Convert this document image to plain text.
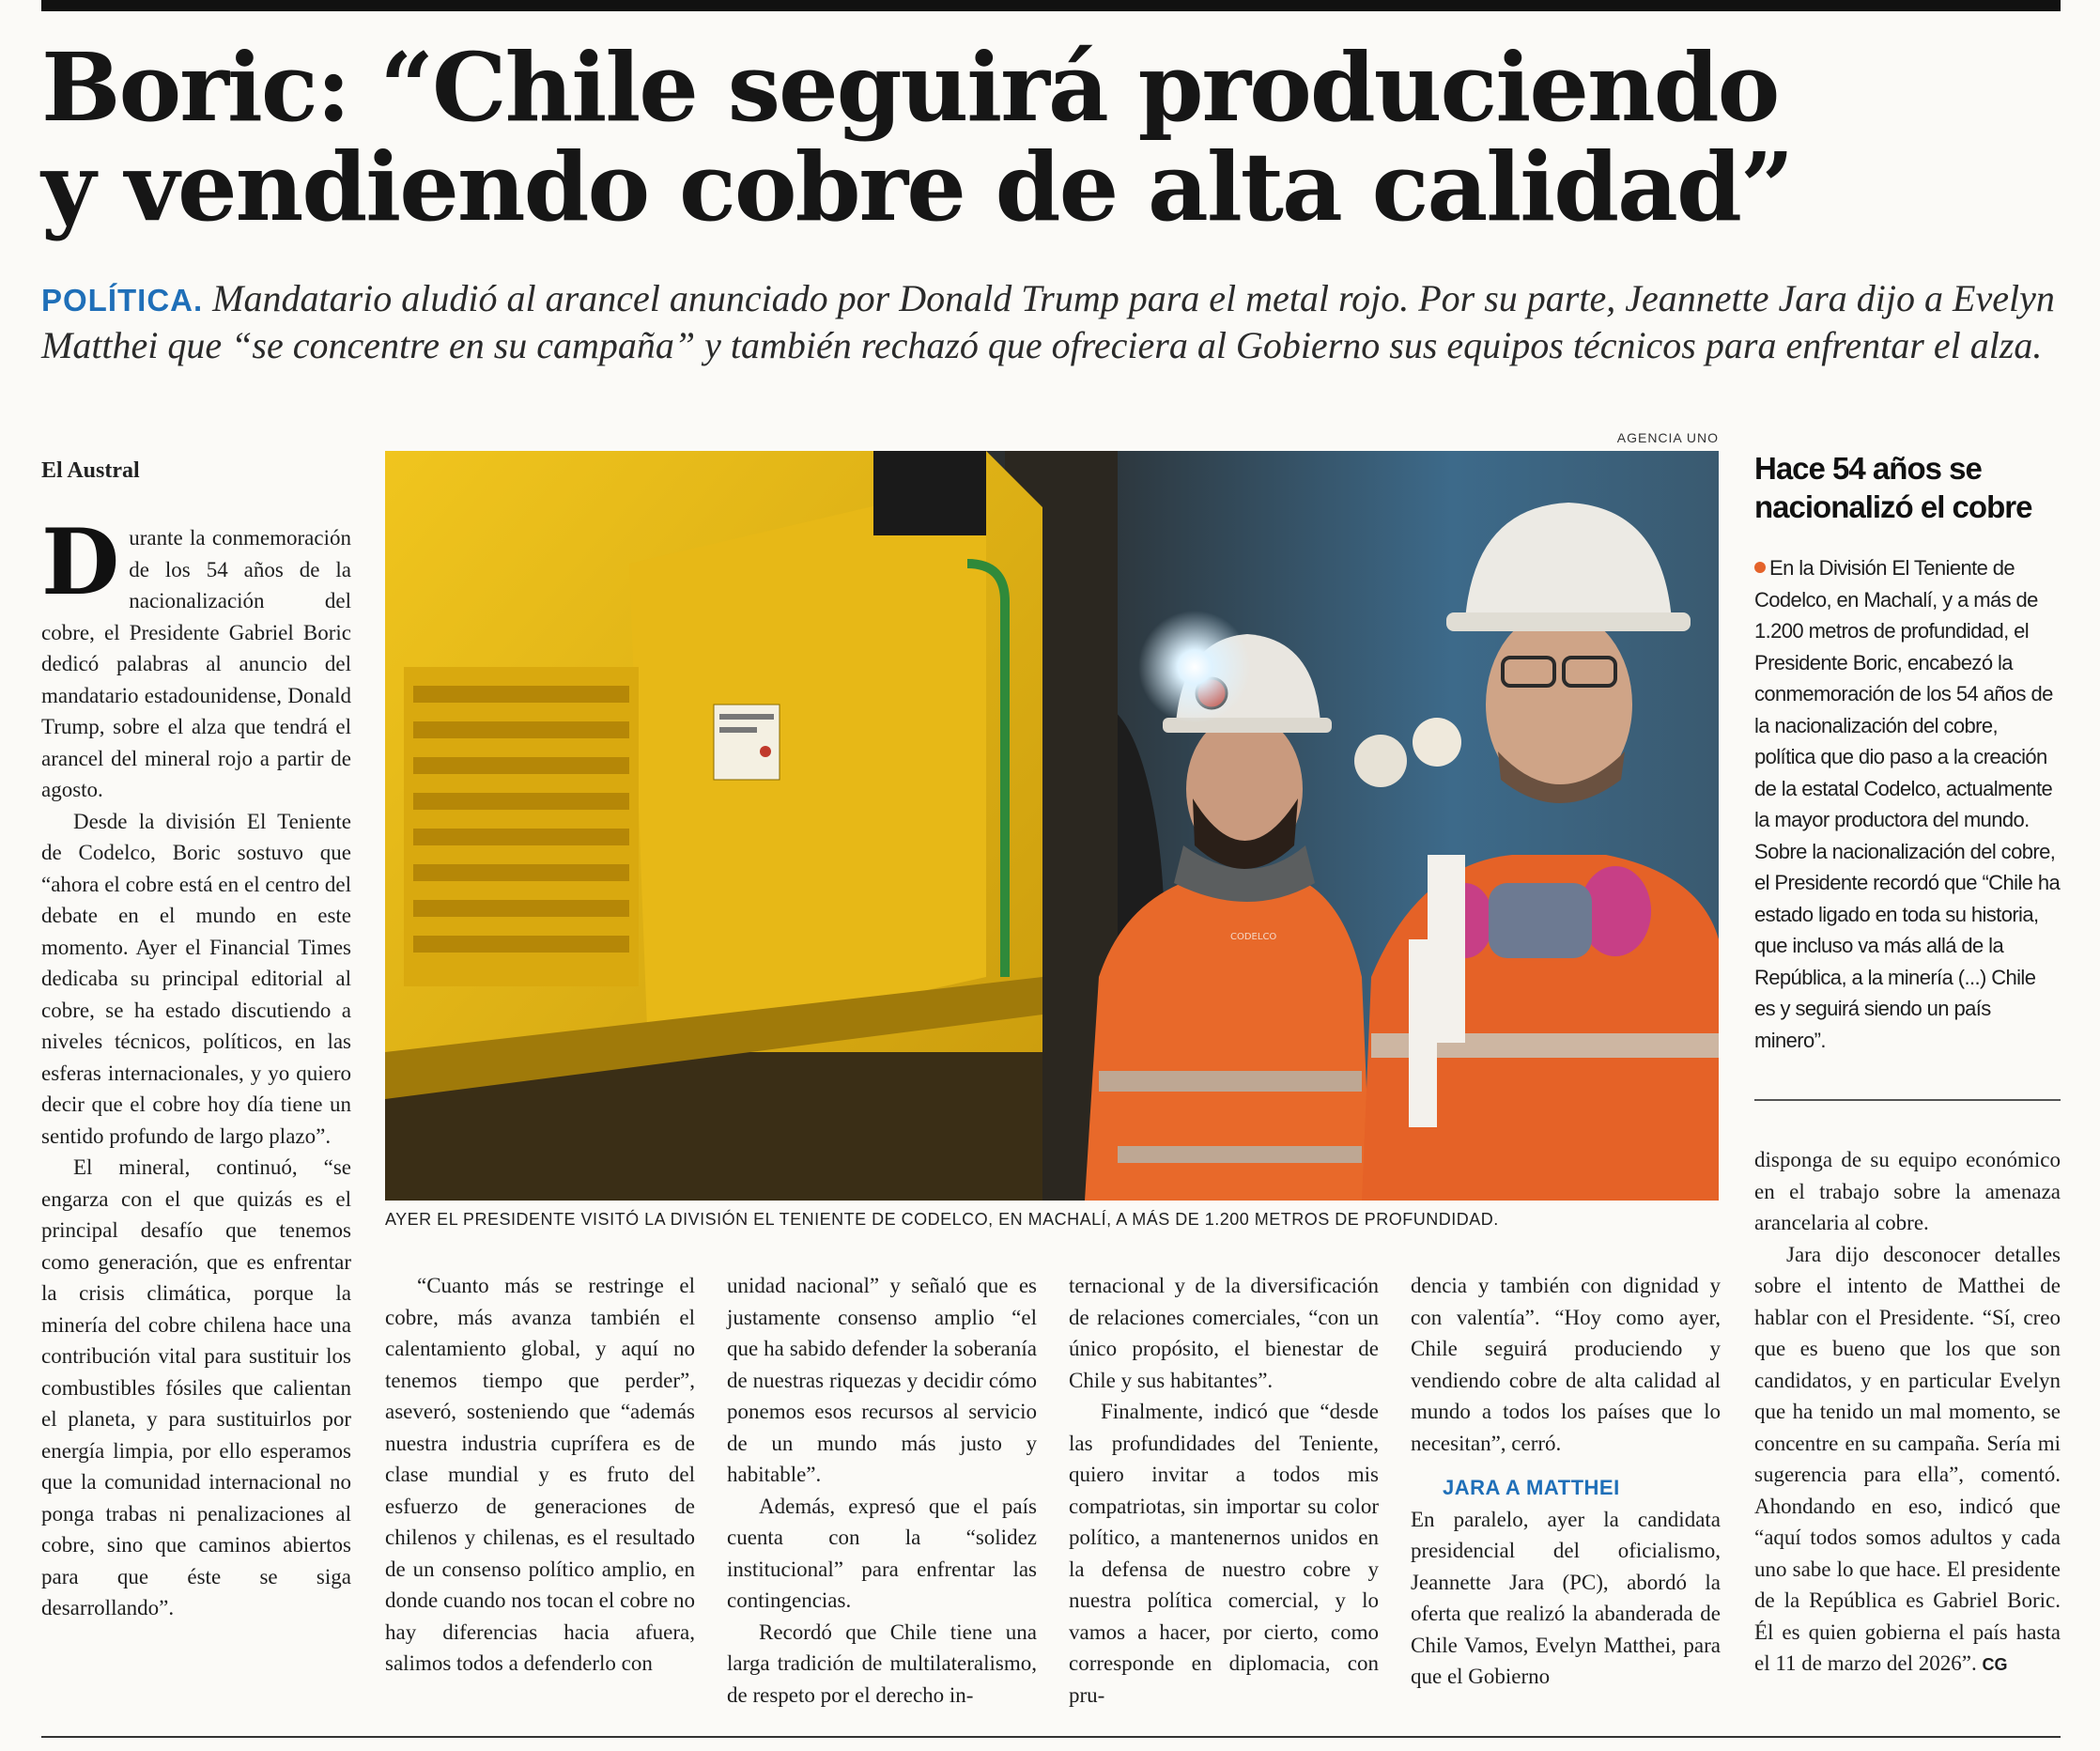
Boric: “Chile seguirá produciendo
y vendiendo cobre de alta calidad”

POLÍTICA. Mandatario aludió al arancel anunciado por Donald Trump para el metal rojo. Por su parte, Jeannette Jara dijo a Evelyn Matthei que “se concentre en su campaña” y también rechazó que ofreciera al Gobierno sus equipos técnicos para enfrentar el alza.

El Austral

Durante la conmemoración de los 54 años de la nacionalización del cobre, el Presidente Gabriel Boric dedicó palabras al anuncio del mandatario estadounidense, Donald Trump, sobre el alza que tendrá el arancel del mineral rojo a partir de agosto.

Desde la división El Teniente de Codelco, Boric sostuvo que “ahora el cobre está en el centro del debate en el mundo en este momento. Ayer el Financial Times dedicaba su principal editorial al cobre, se ha estado discutiendo a niveles técnicos, políticos, en las esferas internacionales, y yo quiero decir que el cobre hoy día tiene un sentido profundo de largo plazo”.

El mineral, continuó, “se engarza con el que quizás es el principal desafío que tenemos como generación, que es enfrentar la crisis climática, porque la minería del cobre chilena hace una contribución vital para sustituir los combustibles fósiles que calientan el planeta, y para sustituirlos por energía limpia, por ello esperamos que la comunidad internacional no ponga trabas ni penalizaciones al cobre, sino que caminos abiertos para que éste se siga desarrollando”.

AGENCIA UNO
CODELCO
AYER EL PRESIDENTE VISITÓ LA DIVISIÓN EL TENIENTE DE CODELCO, EN MACHALÍ, A MÁS DE 1.200 METROS DE PROFUNDIDAD.

“Cuanto más se restringe el cobre, más avanza también el calentamiento global, y aquí no tenemos tiempo que perder”, aseveró, sosteniendo que “además nuestra industria cuprífera es de clase mundial y es fruto del esfuerzo de generaciones de chilenos y chilenas, es el resultado de un consenso político amplio, en donde cuando nos tocan el cobre no hay diferencias hacia afuera, salimos todos a defenderlo con

unidad nacional” y señaló que es justamente consenso amplio “el que ha sabido defender la soberanía de nuestras riquezas y decidir cómo ponemos esos recursos al servicio de un mundo más justo y habitable”.

Además, expresó que el país cuenta con la “solidez institucional” para enfrentar las contingencias.

Recordó que Chile tiene una larga tradición de multilateralismo, de respeto por el derecho in-

ternacional y de la diversificación de relaciones comerciales, “con un único propósito, el bienestar de Chile y sus habitantes”.

Finalmente, indicó que “desde las profundidades del Teniente, quiero invitar a todos mis compatriotas, sin importar su color político, a mantenernos unidos en la defensa de nuestro cobre y nuestra política comercial, y lo vamos a hacer, por cierto, como corresponde en diplomacia, con pru-

dencia y también con dignidad y con valentía”. “Hoy como ayer, Chile seguirá produciendo y vendiendo cobre de alta calidad al mundo a todos los países que lo necesitan”, cerró.

JARA A MATTHEI

En paralelo, ayer la candidata presidencial del oficialismo, Jeannette Jara (PC), abordó la oferta que realizó la abanderada de Chile Vamos, Evelyn Matthei, para que el Gobierno

Hace 54 años se nacionalizó el cobre

En la División El Teniente de Codelco, en Machalí, y a más de 1.200 metros de profundidad, el Presidente Boric, encabezó la conmemoración de los 54 años de la nacionalización del cobre, política que dio paso a la creación de la estatal Codelco, actualmente la mayor productora del mundo. Sobre la nacionalización del cobre, el Presidente recordó que “Chile ha estado ligado en toda su historia, que incluso va más allá de la República, a la minería (...) Chile es y seguirá siendo un país minero”.

disponga de su equipo económico en el trabajo sobre la amenaza arancelaria al cobre.

Jara dijo desconocer detalles sobre el intento de Matthei de hablar con el Presidente. “Sí, creo que es bueno que los que son candidatos, y en particular Evelyn que ha tenido un mal momento, se concentre en su campaña. Sería mi sugerencia para ella”, comentó. Ahondando en eso, indicó que “aquí todos somos adultos y cada uno sabe lo que hace. El presidente de la República es Gabriel Boric. Él es quien gobierna el país hasta el 11 de marzo del 2026”. CG
